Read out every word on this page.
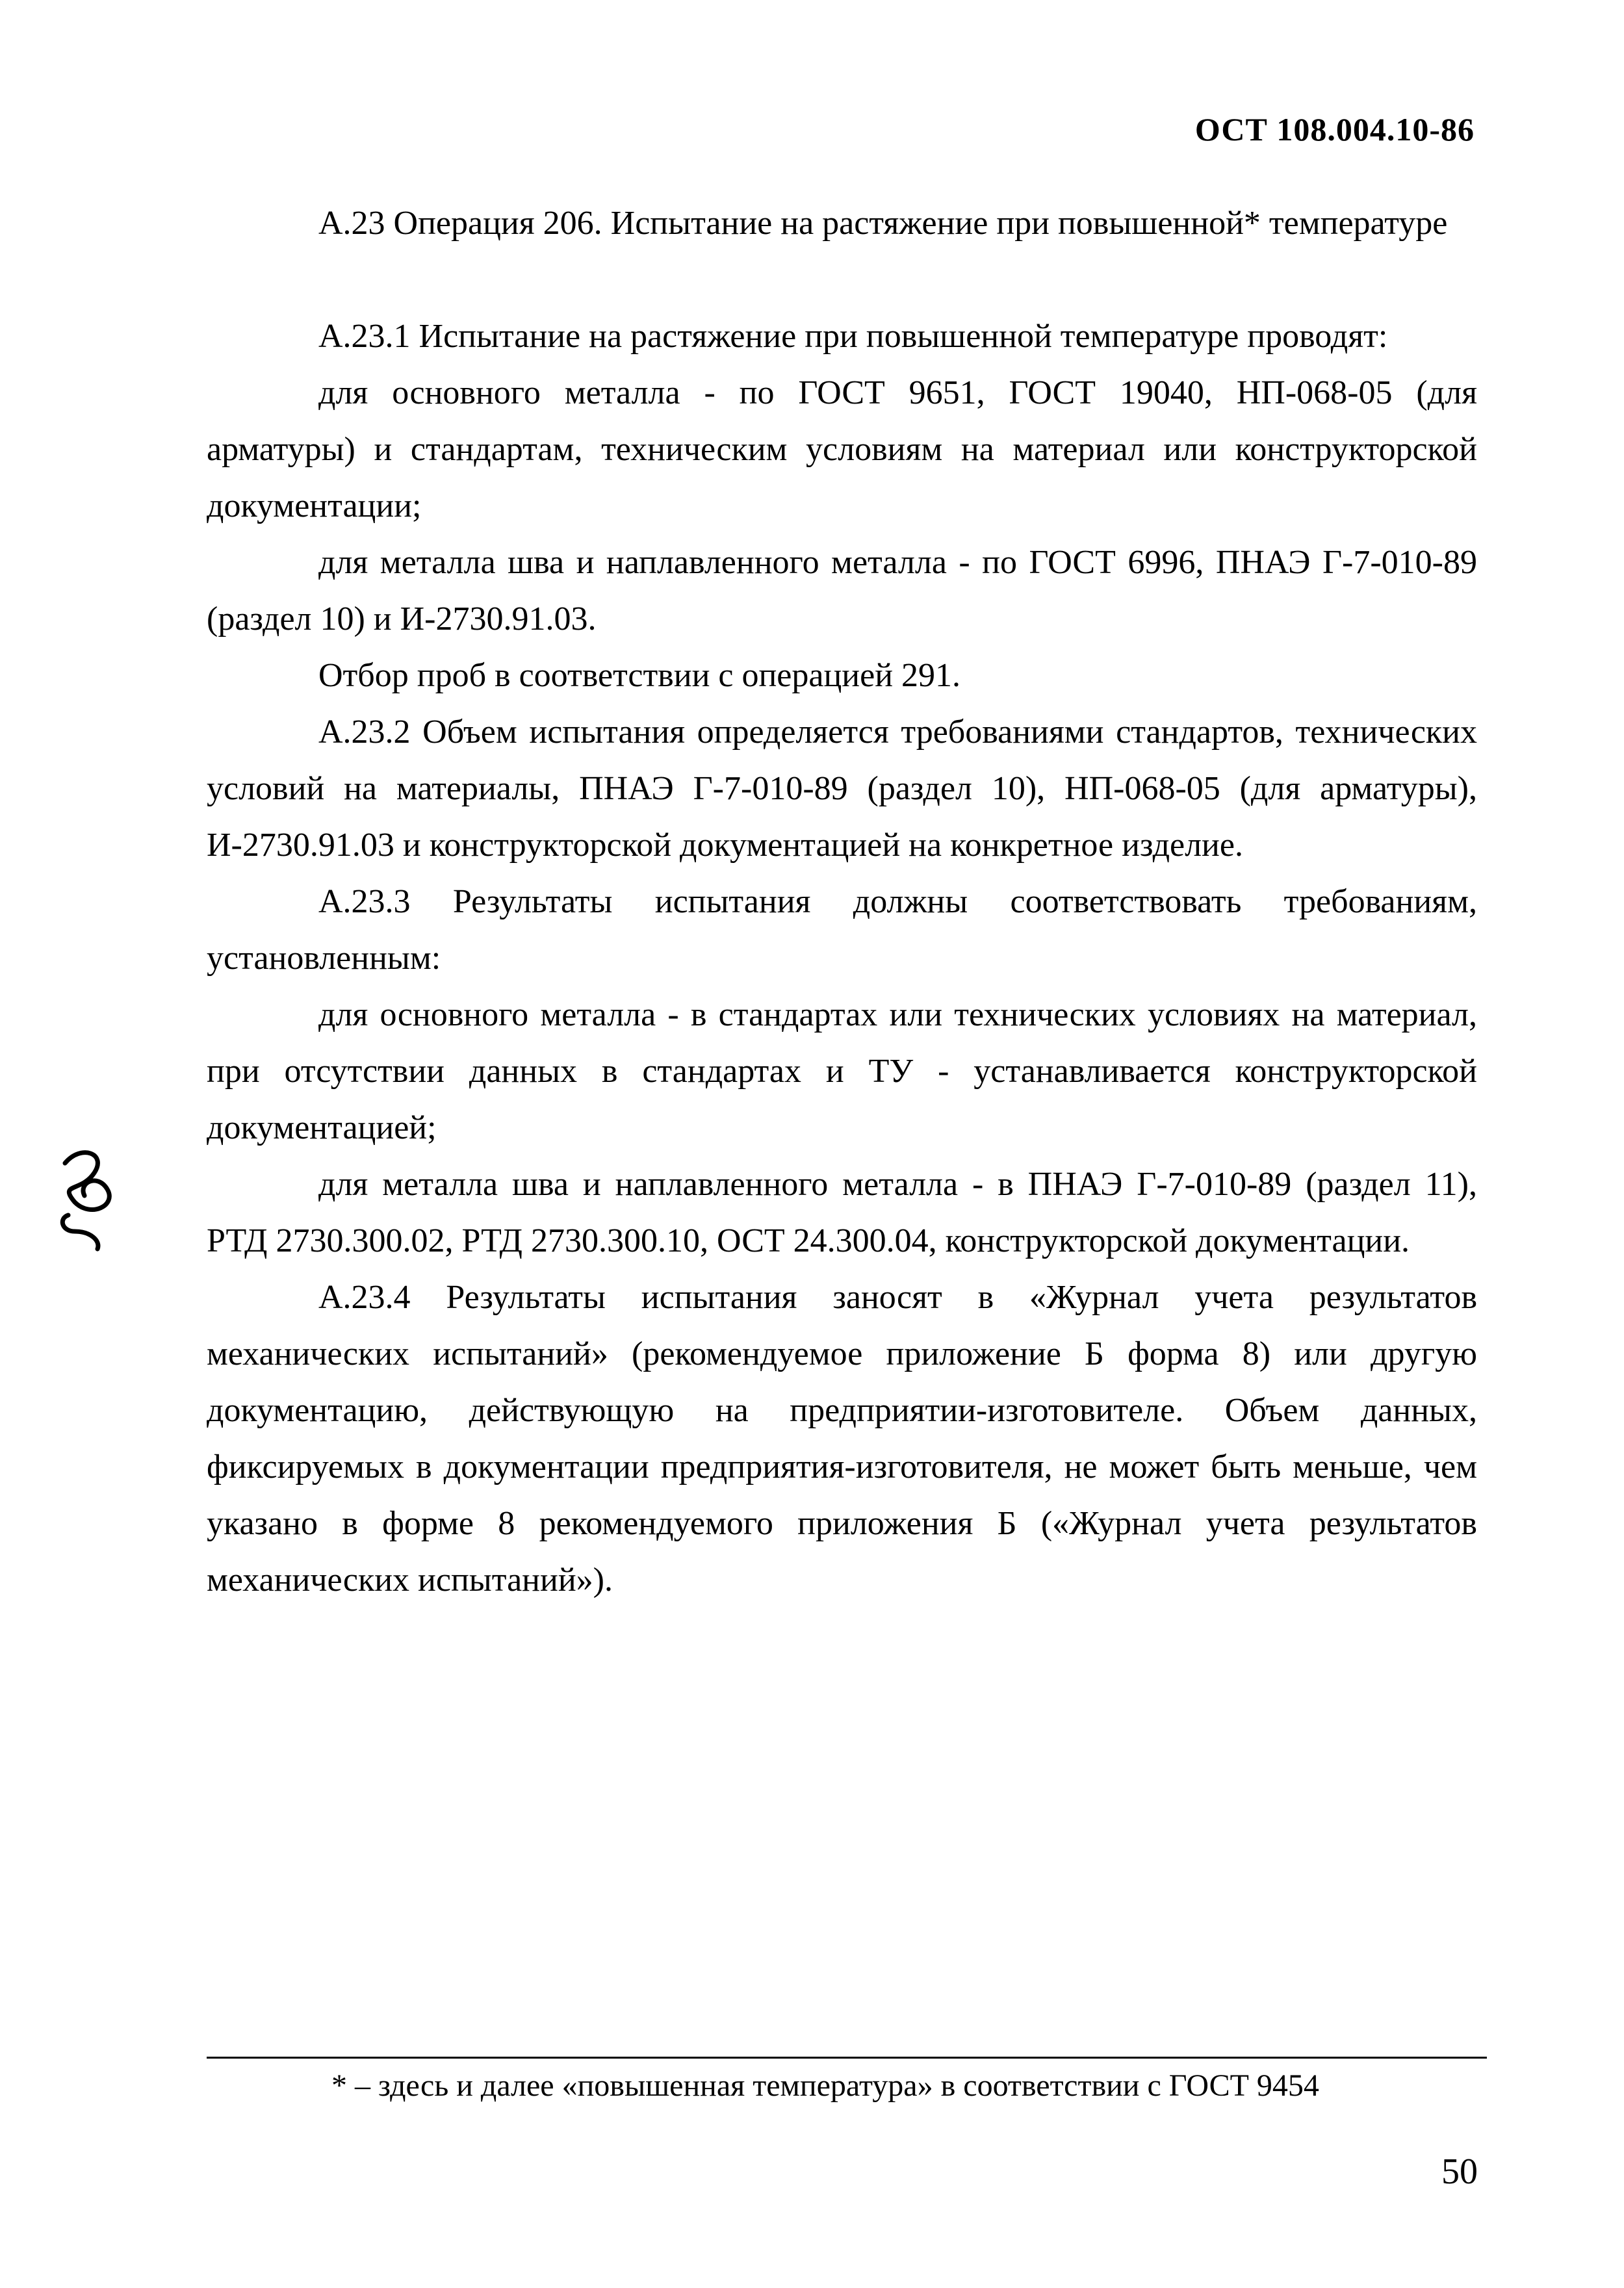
ОСТ 108.004.10-86

А.23 Операция 206. Испытание на растяжение при повышенной* температуре

А.23.1 Испытание на растяжение при повышенной температуре проводят:

для основного металла - по ГОСТ 9651, ГОСТ 19040, НП-068-05 (для арматуры) и стандартам, техническим условиям на материал или конструкторской документации;

для металла шва и наплавленного металла - по ГОСТ 6996, ПНАЭ Г-7-010-89 (раздел 10) и И-2730.91.03.

Отбор проб в соответствии с операцией 291.

А.23.2 Объем испытания определяется требованиями стандартов, технических условий на материалы, ПНАЭ Г-7-010-89 (раздел 10), НП-068-05 (для арматуры), И-2730.91.03 и конструкторской документацией на конкретное изделие.

А.23.3 Результаты испытания должны соответствовать требованиям, установленным:

для основного металла - в стандартах или технических условиях на материал, при отсутствии данных в стандартах и ТУ - устанавливается конструкторской документацией;

для металла шва и наплавленного металла - в ПНАЭ Г-7-010-89 (раздел 11), РТД 2730.300.02, РТД 2730.300.10, ОСТ 24.300.04, конструкторской документации.

А.23.4 Результаты испытания заносят в «Журнал учета результатов механических испытаний» (рекомендуемое приложение Б форма 8) или другую документацию, действующую на предприятии-изготовителе. Объем данных, фиксируемых в документации предприятия-изготовителя, не может быть меньше, чем указано в форме 8 рекомендуемого приложения Б («Журнал учета результатов механических испытаний»).

* – здесь и далее «повышенная температура» в соответствии с ГОСТ 9454
50
